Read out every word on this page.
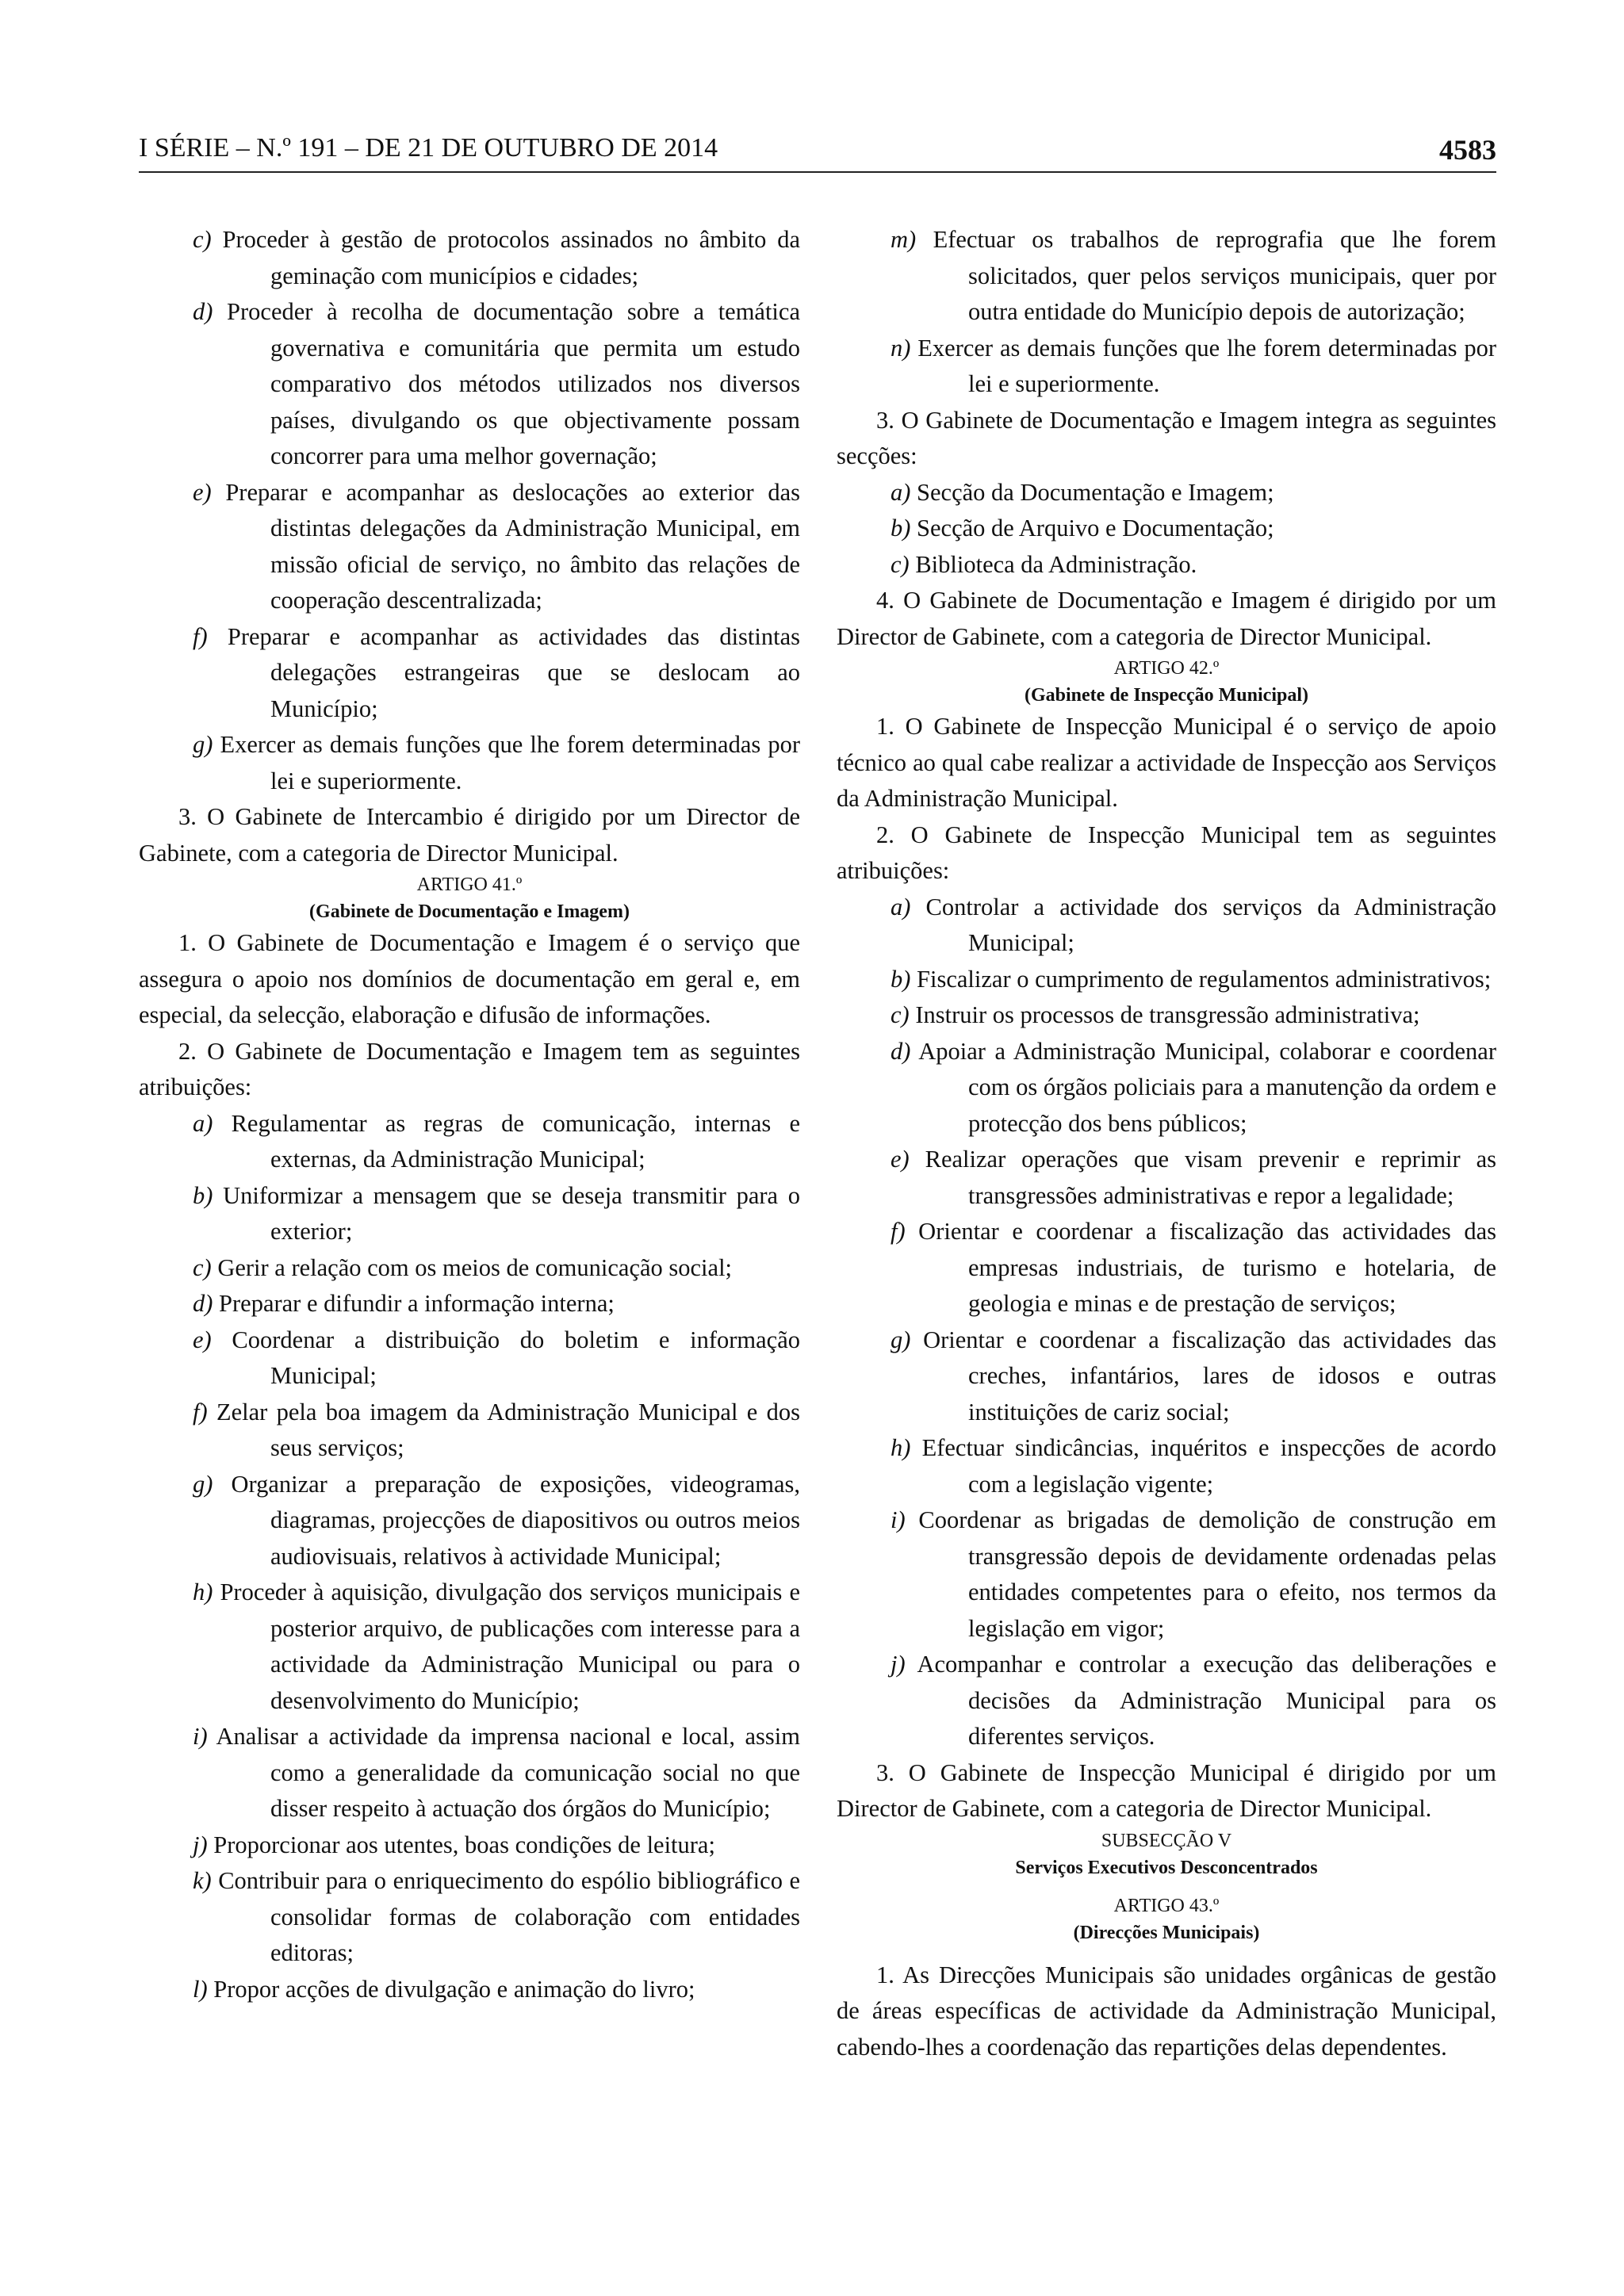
I SÉRIE – N.º 191 – DE 21 DE OUTUBRO DE 2014	4583

c) Proceder à gestão de protocolos assinados no âmbito da geminação com municípios e cidades;

d) Proceder à recolha de documentação sobre a temática governativa e comunitária que permita um estudo comparativo dos métodos utilizados nos diversos países, divulgando os que objectivamente possam concorrer para uma melhor governação;

e) Preparar e acompanhar as deslocações ao exterior das distintas delegações da Administração Municipal, em missão oficial de serviço, no âmbito das relações de cooperação descentralizada;

f) Preparar e acompanhar as actividades das distintas delegações estrangeiras que se deslocam ao Município;

g) Exercer as demais funções que lhe forem determinadas por lei e superiormente.

3. O Gabinete de Intercambio é dirigido por um Director de Gabinete, com a categoria de Director Municipal.

ARTIGO 41.º

(Gabinete de Documentação e Imagem)

1. O Gabinete de Documentação e Imagem é o serviço que assegura o apoio nos domínios de documentação em geral e, em especial, da selecção, elaboração e difusão de informações.

2. O Gabinete de Documentação e Imagem tem as seguintes atribuições:

a) Regulamentar as regras de comunicação, internas e externas, da Administração Municipal;

b) Uniformizar a mensagem que se deseja transmitir para o exterior;

c) Gerir a relação com os meios de comunicação social;

d) Preparar e difundir a informação interna;

e) Coordenar a distribuição do boletim e informação Municipal;

f) Zelar pela boa imagem da Administração Municipal e dos seus serviços;

g) Organizar a preparação de exposições, videogramas, diagramas, projecções de diapositivos ou outros meios audiovisuais, relativos à actividade Municipal;

h) Proceder à aquisição, divulgação dos serviços municipais e posterior arquivo, de publicações com interesse para a actividade da Administração Municipal ou para o desenvolvimento do Município;

i) Analisar a actividade da imprensa nacional e local, assim como a generalidade da comunicação social no que disser respeito à actuação dos órgãos do Município;

j) Proporcionar aos utentes, boas condições de leitura;

k) Contribuir para o enriquecimento do espólio bibliográfico e consolidar formas de colaboração com entidades editoras;

l) Propor acções de divulgação e animação do livro;

m) Efectuar os trabalhos de reprografia que lhe forem solicitados, quer pelos serviços municipais, quer por outra entidade do Município depois de autorização;

n) Exercer as demais funções que lhe forem determinadas por lei e superiormente.

3. O Gabinete de Documentação e Imagem integra as seguintes secções:

a) Secção da Documentação e Imagem;

b) Secção de Arquivo e Documentação;

c) Biblioteca da Administração.

4. O Gabinete de Documentação e Imagem é dirigido por um Director de Gabinete, com a categoria de Director Municipal.

ARTIGO 42.º

(Gabinete de Inspecção Municipal)

1. O Gabinete de Inspecção Municipal é o serviço de apoio técnico ao qual cabe realizar a actividade de Inspecção aos Serviços da Administração Municipal.

2. O Gabinete de Inspecção Municipal tem as seguintes atribuições:

a) Controlar a actividade dos serviços da Administração Municipal;

b) Fiscalizar o cumprimento de regulamentos administrativos;

c) Instruir os processos de transgressão administrativa;

d) Apoiar a Administração Municipal, colaborar e coordenar com os órgãos policiais para a manutenção da ordem e protecção dos bens públicos;

e) Realizar operações que visam prevenir e reprimir as transgressões administrativas e repor a legalidade;

f) Orientar e coordenar a fiscalização das actividades das empresas industriais, de turismo e hotelaria, de geologia e minas e de prestação de serviços;

g) Orientar e coordenar a fiscalização das actividades das creches, infantários, lares de idosos e outras instituições de cariz social;

h) Efectuar sindicâncias, inquéritos e inspecções de acordo com a legislação vigente;

i) Coordenar as brigadas de demolição de construção em transgressão depois de devidamente ordenadas pelas entidades competentes para o efeito, nos termos da legislação em vigor;

j) Acompanhar e controlar a execução das deliberações e decisões da Administração Municipal para os diferentes serviços.

3. O Gabinete de Inspecção Municipal é dirigido por um Director de Gabinete, com a categoria de Director Municipal.

SUBSECÇÃO V

Serviços Executivos Desconcentrados

ARTIGO 43.º

(Direcções Municipais)

1. As Direcções Municipais são unidades orgânicas de gestão de áreas específicas de actividade da Administração Municipal, cabendo-lhes a coordenação das repartições delas dependentes.
